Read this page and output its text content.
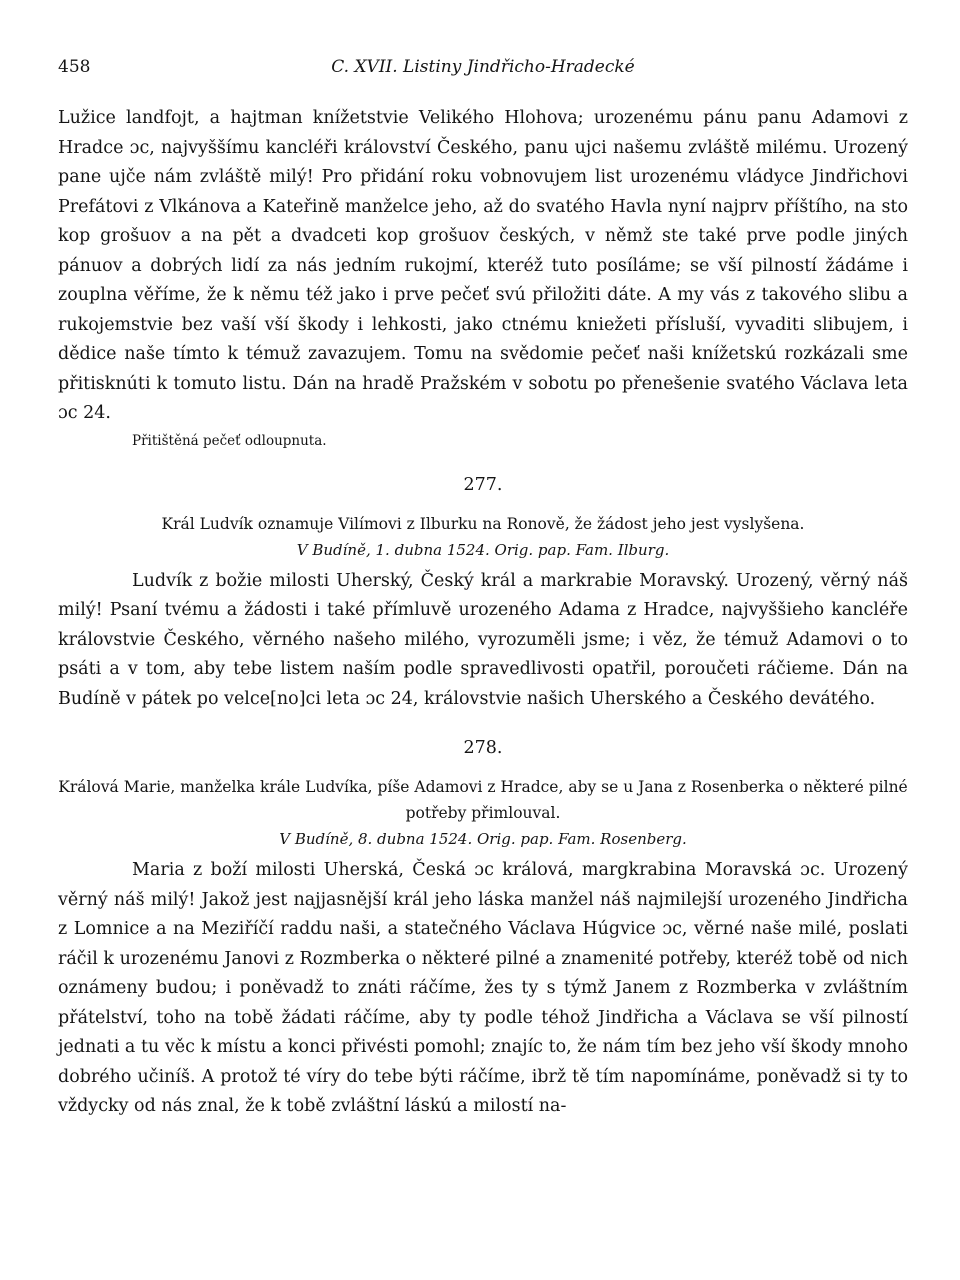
458	C. XVII. Listiny Jindřicho-Hradecké

Lužice landfojt, a hajtman knížetstvie Velikého Hlohova; urozenému pánu panu Adamovi z Hradce ɔc, najvyššímu kancléři království Českého, panu ujci našemu zvláště milému. Urozený pane ujče nám zvláště milý! Pro přidání roku vobnovujem list urozenému vládyce Jindřichovi Prefátovi z Vlkánova a Kateřině manželce jeho, až do svatého Havla nyní najprv příštího, na sto kop grošuov a na pět a dvadceti kop grošuov českých, v němž ste také prve podle jiných pánuov a dobrých lidí za nás jedním rukojmí, kteréž tuto posíláme; se vší pilností žádáme i zouplna věříme, že k němu též jako i prve pečeť svú přiložiti dáte. A my vás z takového slibu a rukojemstvie bez vaší vší škody i lehkosti, jako ctnému kniežeti přísluší, vyvaditi slibujem, i dědice naše tímto k témuž zavazujem. Tomu na svědomie pečeť naši knížetskú rozkázali sme přitisknúti k tomuto listu. Dán na hradě Pražském v sobotu po přenešenie svatého Václava leta ɔc 24.

Přitištěná pečeť odloupnuta.

277.

Král Ludvík oznamuje Vilímovi z Ilburku na Ronově, že žádost jeho jest vyslyšena.

V Budíně, 1. dubna 1524. Orig. pap. Fam. Ilburg.

Ludvík z božie milosti Uherský, Český král a markrabie Moravský. Urozený, věrný náš milý! Psaní tvému a žádosti i také přímluvě urozeného Adama z Hradce, najvyššieho kancléře královstvie Českého, věrného našeho milého, vyrozuměli jsme; i věz, že témuž Adamovi o to psáti a v tom, aby tebe listem naším podle spravedlivosti opatřil, poroučeti ráčieme. Dán na Budíně v pátek po velce[no]ci leta ɔc 24, královstvie našich Uherského a Českého devátého.

278.

Králová Marie, manželka krále Ludvíka, píše Adamovi z Hradce, aby se u Jana z Rosenberka o některé pilné potřeby přimlouval.

V Budíně, 8. dubna 1524. Orig. pap. Fam. Rosenberg.

Maria z boží milosti Uherská, Česká ɔc králová, margkrabina Moravská ɔc. Urozený věrný náš milý! Jakož jest najjasnější král jeho láska manžel náš najmilejší urozeného Jindřicha z Lomnice a na Meziříčí raddu naši, a statečného Václava Húgvice ɔc, věrné naše milé, poslati ráčil k urozenému Janovi z Rozmberka o některé pilné a znamenité potřeby, kteréž tobě od nich oznámeny budou; i poněvadž to znáti ráčíme, žes ty s týmž Janem z Rozmberka v zvláštním přátelství, toho na tobě žádati ráčíme, aby ty podle téhož Jindřicha a Václava se vší pilností jednati a tu věc k místu a konci přivésti pomohl; znajíc to, že nám tím bez jeho vší škody mnoho dobrého učiníš. A protož té víry do tebe býti ráčíme, ibrž tě tím napomínáme, poněvadž si ty to vždycky od nás znal, že k tobě zvláštní láskú a milostí na-
